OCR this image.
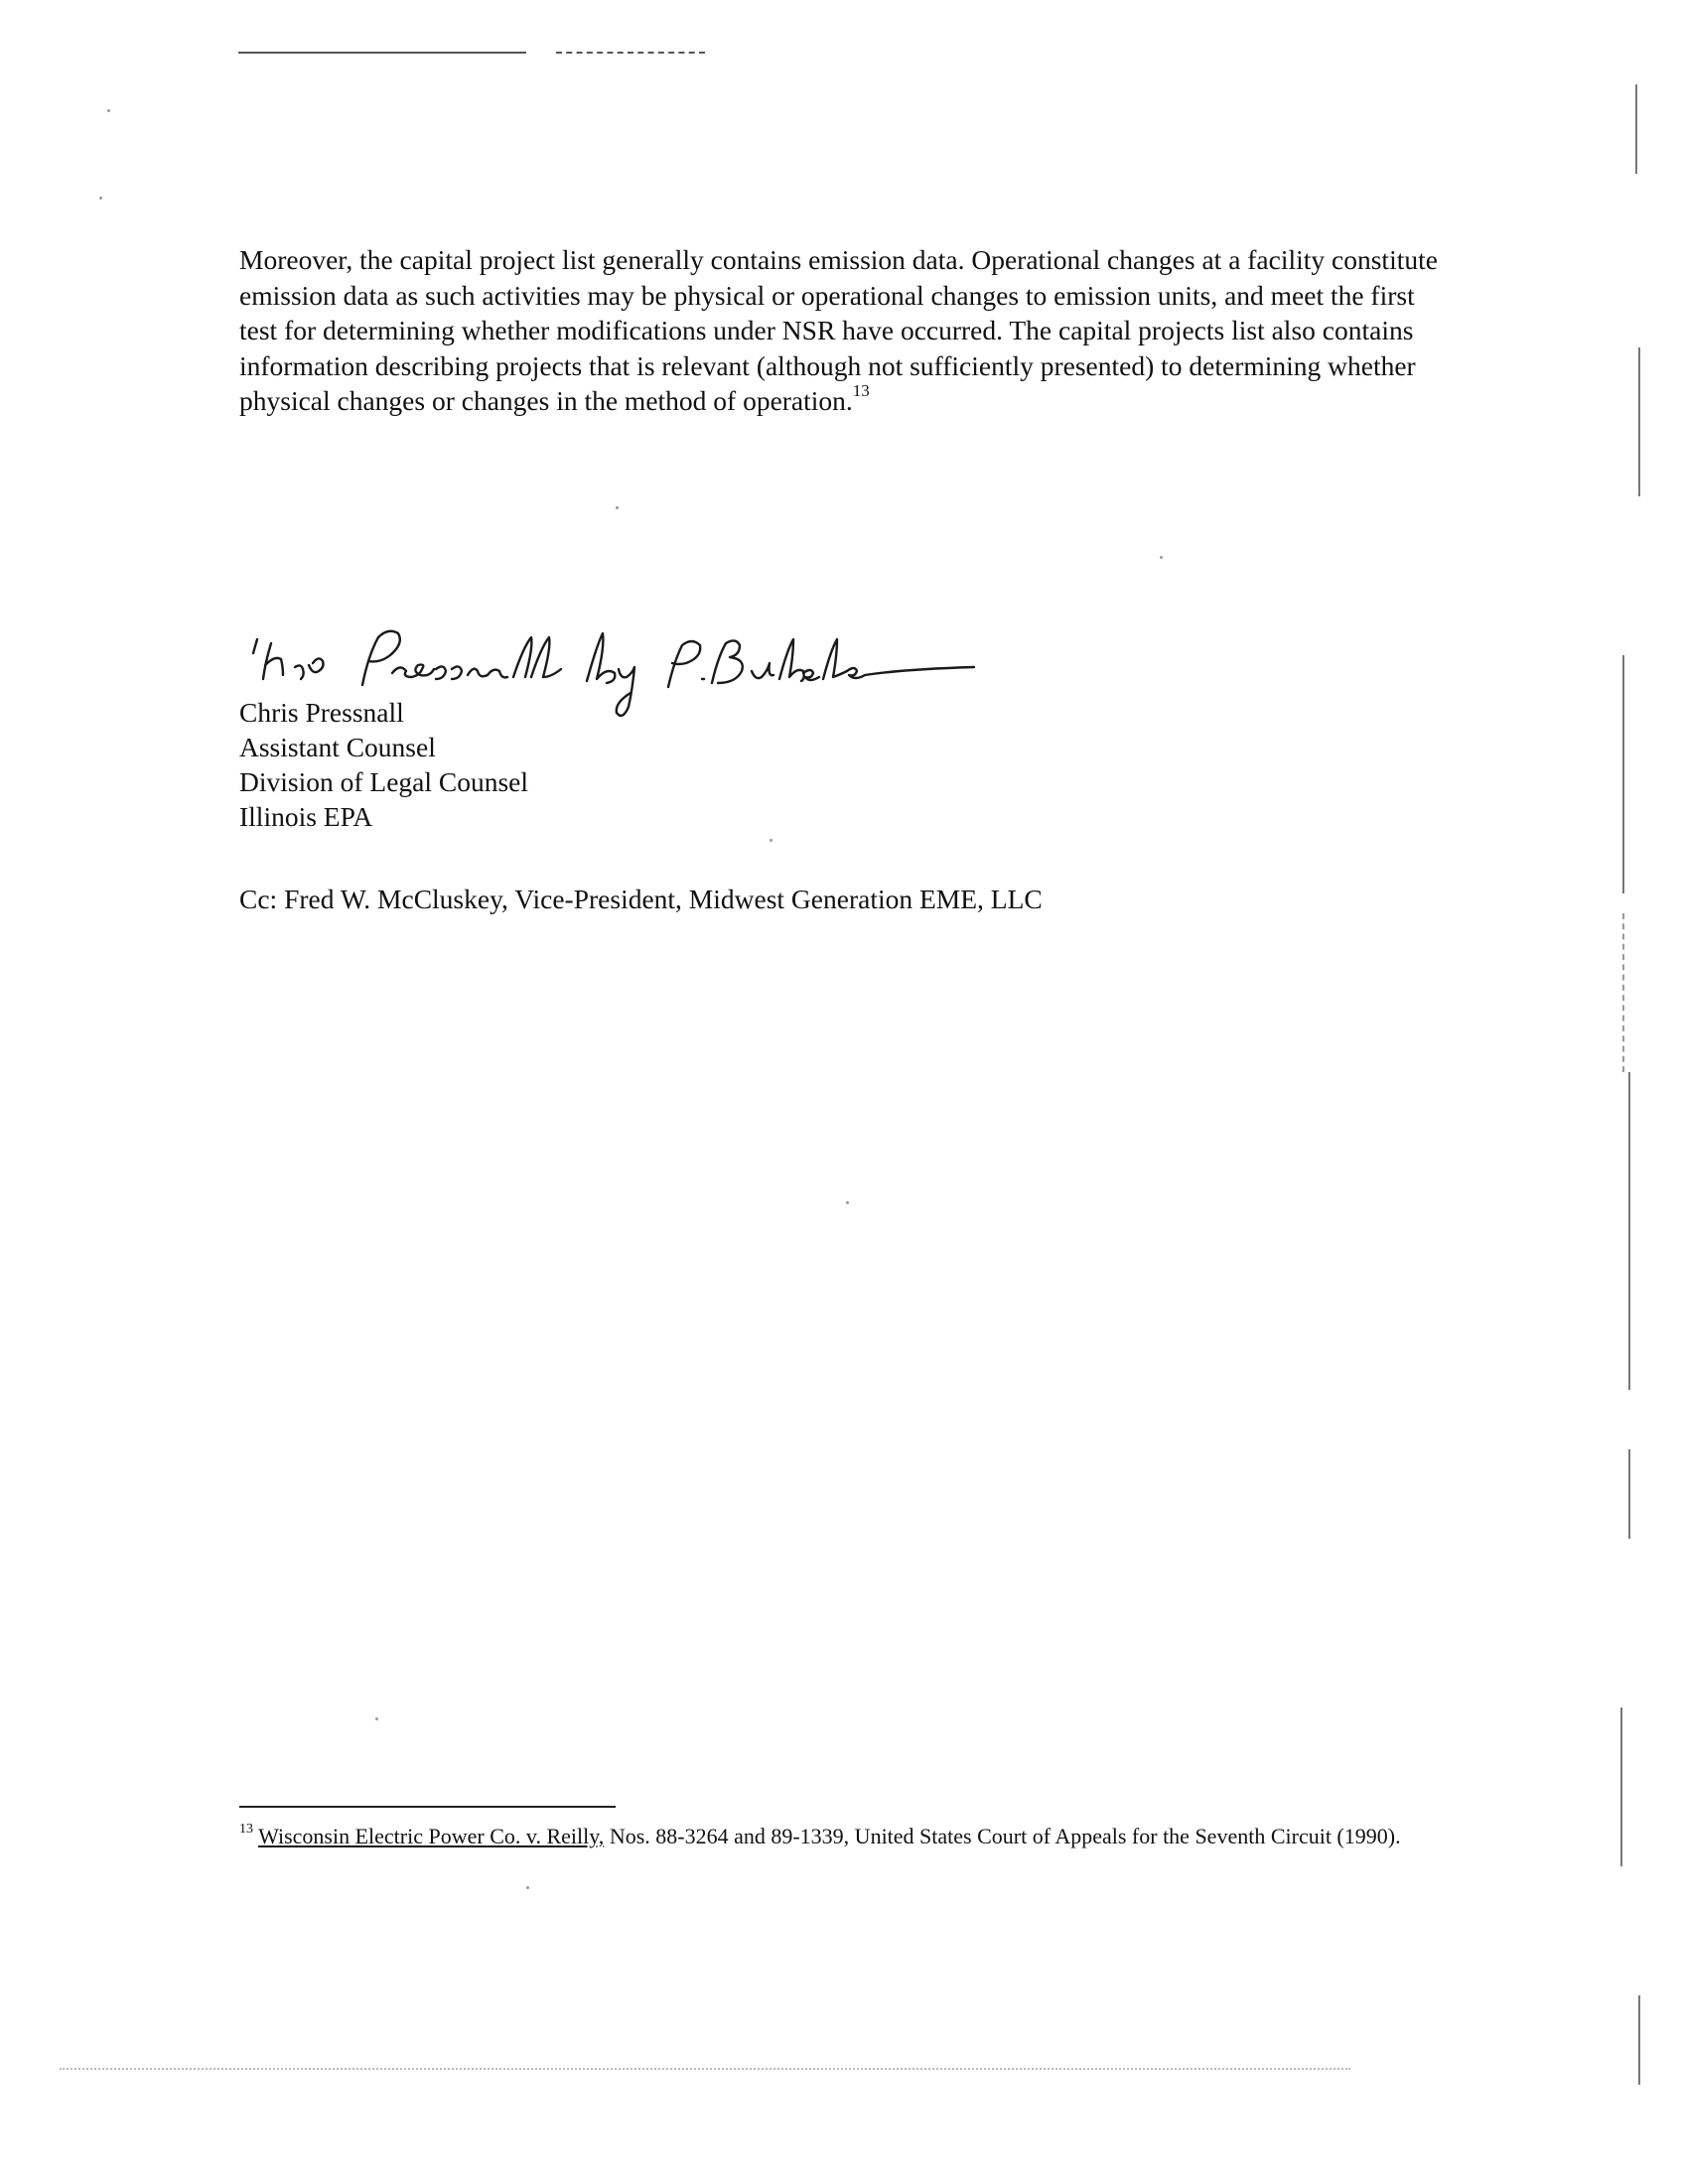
Moreover, the capital project list generally contains emission data. Operational changes at a facility constitute emission data as such activities may be physical or operational changes to emission units, and meet the first test for determining whether modifications under NSR have occurred. The capital projects list also contains information describing projects that is relevant (although not sufficiently presented) to determining whether physical changes or changes in the method of operation.$^{13}$

Chris Pressnall
Assistant Counsel
Division of Legal Counsel
Illinois EPA
Cc: Fred W. McCluskey, Vice-President, Midwest Generation EME, LLC

$^{13}$ Wisconsin Electric Power Co. v. Reilly, Nos. 88-3264 and 89-1339, United States Court of Appeals for the Seventh Circuit (1990).
